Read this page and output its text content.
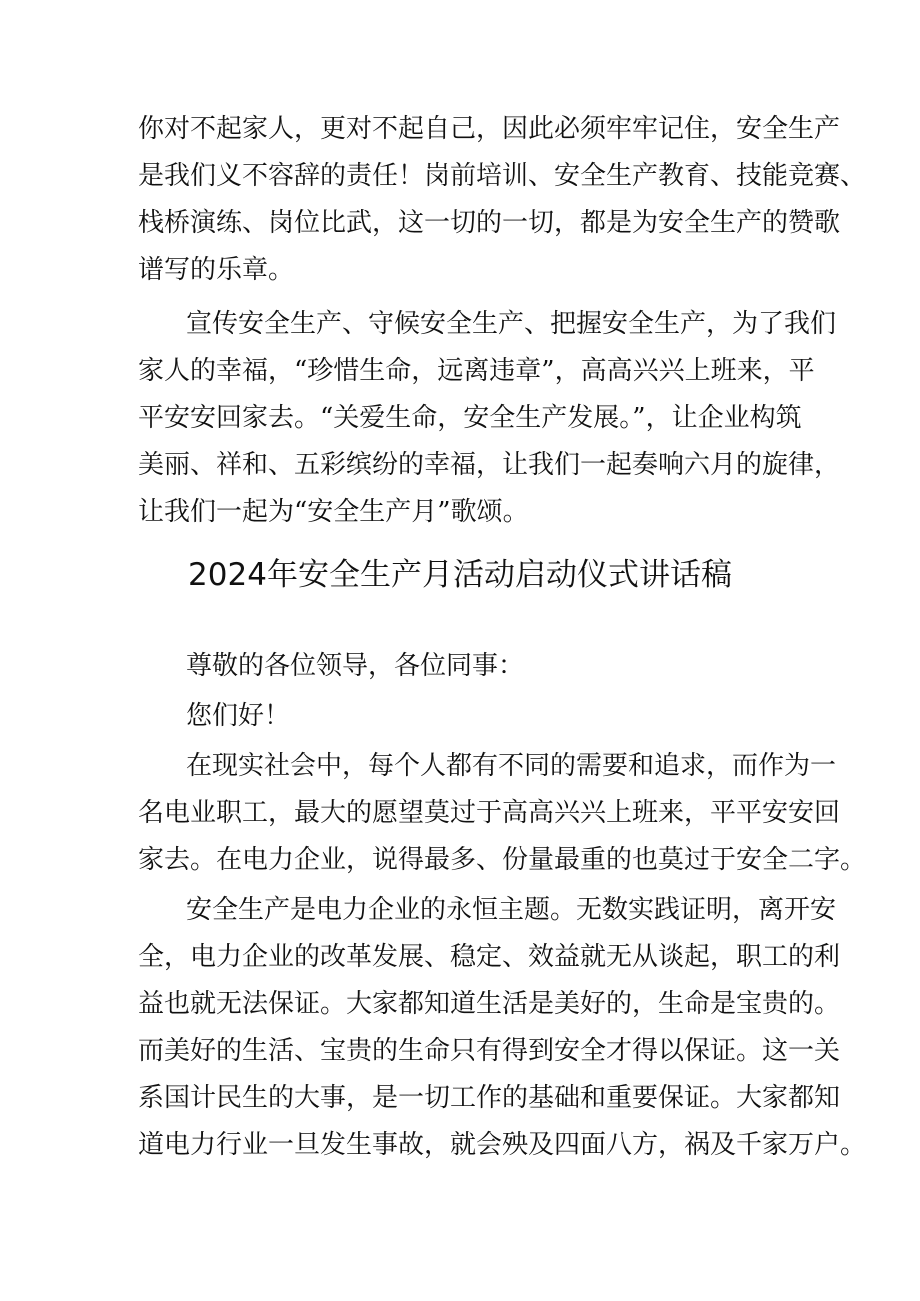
你对不起家人，更对不起自己，因此必须牢牢记住，安全生产
是我们义不容辞的责任！岗前培训、安全生产教育、技能竞赛、
栈桥演练、岗位比武，这一切的一切，都是为安全生产的赞歌
谱写的乐章。
宣传安全生产、守候安全生产、把握安全生产，为了我们
家人的幸福，“珍惜生命，远离违章”，高高兴兴上班来，平
平安安回家去。“关爱生命，安全生产发展。”，让企业构筑
美丽、祥和、五彩缤纷的幸福，让我们一起奏响六月的旋律，
让我们一起为“安全生产月”歌颂。
2024年安全生产月活动启动仪式讲话稿
尊敬的各位领导，各位同事：
您们好！
在现实社会中，每个人都有不同的需要和追求，而作为一
名电业职工，最大的愿望莫过于高高兴兴上班来，平平安安回
家去。在电力企业，说得最多、份量最重的也莫过于安全二字。
安全生产是电力企业的永恒主题。无数实践证明，离开安
全，电力企业的改革发展、稳定、效益就无从谈起，职工的利
益也就无法保证。大家都知道生活是美好的，生命是宝贵的。
而美好的生活、宝贵的生命只有得到安全才得以保证。这一关
系国计民生的大事，是一切工作的基础和重要保证。大家都知
道电力行业一旦发生事故，就会殃及四面八方，祸及千家万户。
